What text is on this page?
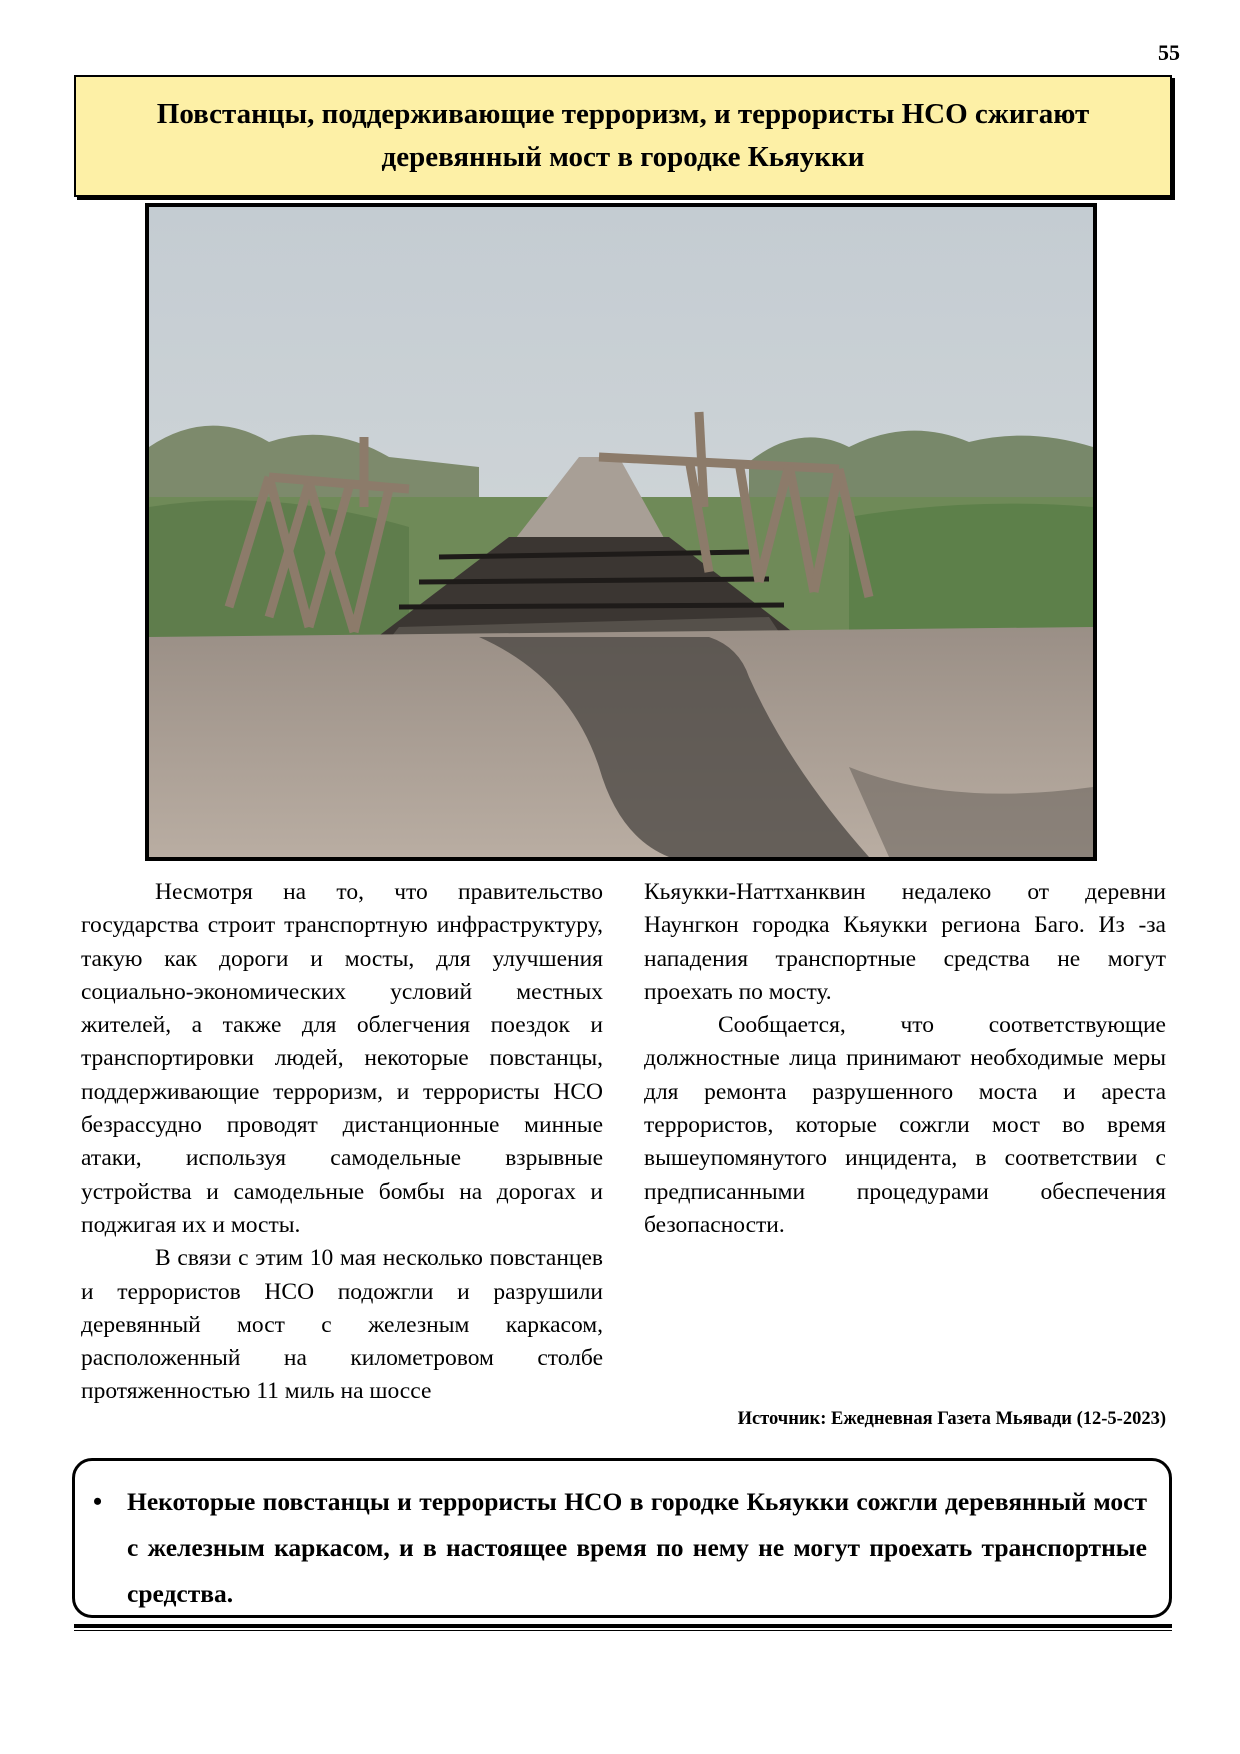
55
Повстанцы, поддерживающие терроризм, и террористы НСО сжигают деревянный мост в городке Кьяукки

Несмотря на то, что правительство государства строит транспортную инфраструктуру, такую как дороги и мосты, для улучшения социально-экономических условий местных жителей, а также для облегчения поездок и транспортировки людей, некоторые повстанцы, поддерживающие терроризм, и террористы НСО безрассудно проводят дистанционные минные атаки, используя самодельные взрывные устройства и самодельные бомбы на дорогах и поджигая их и мосты.

В связи с этим 10 мая несколько повстанцев и террористов НСО подожгли и разрушили деревянный мост с железным каркасом, расположенный на километровом столбе протяженностью 11 миль на шоссе

Кьяукки-Наттханквин недалеко от деревни Наунгкон городка Кьяукки региона Баго. Из -за нападения транспортные средства не могут проехать по мосту.

Сообщается, что соответствующие должностные лица принимают необходимые меры для ремонта разрушенного моста и ареста террористов, которые сожгли мост во время вышеупомянутого инцидента, в соответствии с предписанными процедурами обеспечения безопасности.

Источник: Ежедневная Газета Мьявади (12-5-2023)
• Некоторые повстанцы и террористы НСО в городке Кьяукки сожгли деревянный мост с железным каркасом, и в настоящее время по нему не могут проехать транспортные средства.
